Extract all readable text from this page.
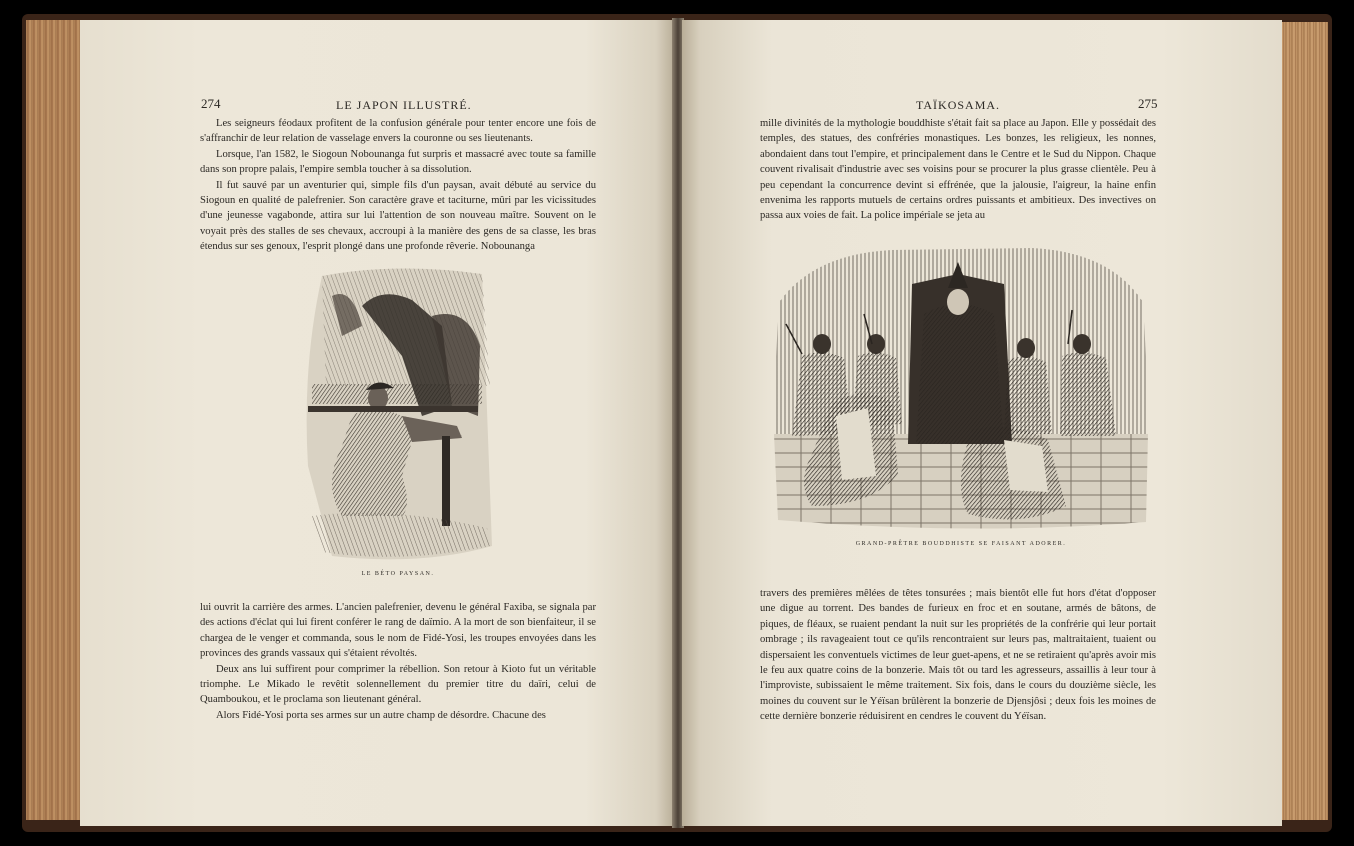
274	LE JAPON ILLUSTRÉ.

Les seigneurs féodaux profitent de la confusion générale pour tenter encore une fois de s'affranchir de leur relation de vasselage envers la couronne ou ses lieutenants.

Lorsque, l'an 1582, le Siogoun Nobounanga fut surpris et massacré avec toute sa famille dans son propre palais, l'empire sembla toucher à sa dissolution.

Il fut sauvé par un aventurier qui, simple fils d'un paysan, avait débuté au service du Siogoun en qualité de palefrenier. Son caractère grave et taciturne, mûri par les vicissitudes d'une jeunesse vagabonde, attira sur lui l'attention de son nouveau maître. Souvent on le voyait près des stalles de ses chevaux, accroupi à la manière des gens de sa classe, les bras étendus sur ses genoux, l'esprit plongé dans une profonde rêverie. Nobounanga

LE BÉTO PAYSAN.

lui ouvrit la carrière des armes. L'ancien palefrenier, devenu le général Faxiba, se signala par des actions d'éclat qui lui firent conférer le rang de daïmio. A la mort de son bienfaiteur, il se chargea de le venger et commanda, sous le nom de Fidé-Yosi, les troupes envoyées dans les provinces des grands vassaux qui s'étaient révoltés.

Deux ans lui suffirent pour comprimer la rébellion. Son retour à Kioto fut un véritable triomphe. Le Mikado le revêtit solennellement du premier titre du daïri, celui de Quamboukou, et le proclama son lieutenant général.

Alors Fidé-Yosi porta ses armes sur un autre champ de désordre. Chacune des

TAÏKOSAMA.	275

mille divinités de la mythologie bouddhiste s'était fait sa place au Japon. Elle y possédait des temples, des statues, des confréries monastiques. Les bonzes, les religieux, les nonnes, abondaient dans tout l'empire, et principalement dans le Centre et le Sud du Nippon. Chaque couvent rivalisait d'industrie avec ses voisins pour se procurer la plus grasse clientèle. Peu à peu cependant la concurrence devint si effrénée, que la jalousie, l'aigreur, la haine enfin envenima les rapports mutuels de certains ordres puissants et ambitieux. Des invectives on passa aux voies de fait. La police impériale se jeta au

GRAND-PRÊTRE BOUDDHISTE SE FAISANT ADORER.

travers des premières mêlées de têtes tonsurées ; mais bientôt elle fut hors d'état d'opposer une digue au torrent. Des bandes de furieux en froc et en soutane, armés de bâtons, de piques, de fléaux, se ruaient pendant la nuit sur les propriétés de la confrérie qui leur portait ombrage ; ils ravageaient tout ce qu'ils rencontraient sur leurs pas, maltraitaient, tuaient ou dispersaient les conventuels victimes de leur guet-apens, et ne se retiraient qu'après avoir mis le feu aux quatre coins de la bonzerie. Mais tôt ou tard les agresseurs, assaillis à leur tour à l'improviste, subissaient le même traitement. Six fois, dans le cours du douzième siècle, les moines du couvent sur le Yéïsan brûlèrent la bonzerie de Djensjôsi ; deux fois les moines de cette dernière bonzerie réduisirent en cendres le couvent du Yéïsan.
